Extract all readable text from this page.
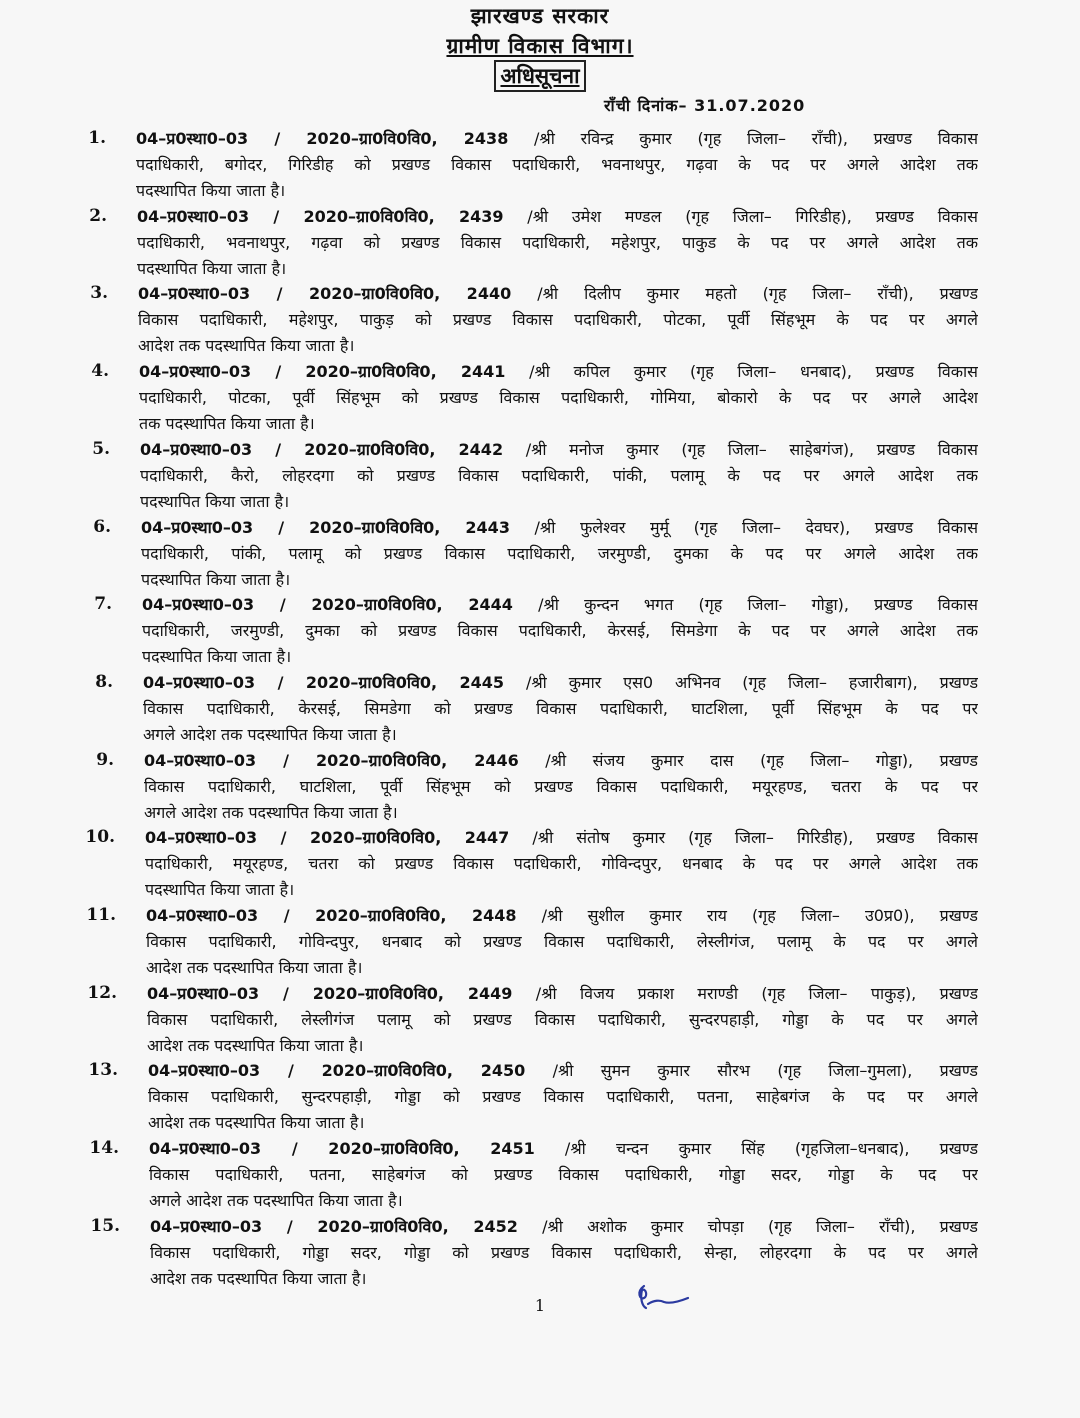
झारखण्ड सरकार
ग्रामीण विकास विभाग।
अधिसूचना
राँची दिनांक– 31.07.2020
1. 04–प्र0स्था0–03 / 2020–ग्रा0वि0वि0, 2438 /श्री रविन्द्र कुमार (गृह जिला– राँची), प्रखण्ड विकास
पदाधिकारी, बगोदर, गिरिडीह को प्रखण्ड विकास पदाधिकारी, भवनाथपुर, गढ़वा के पद पर अगले आदेश तक
पदस्थापित किया जाता है।
2. 04–प्र0स्था0–03 / 2020–ग्रा0वि0वि0, 2439 /श्री उमेश मण्डल (गृह जिला– गिरिडीह), प्रखण्ड विकास
पदाधिकारी, भवनाथपुर, गढ़वा को प्रखण्ड विकास पदाधिकारी, महेशपुर, पाकुड के पद पर अगले आदेश तक
पदस्थापित किया जाता है।
3. 04–प्र0स्था0–03 / 2020–ग्रा0वि0वि0, 2440 /श्री दिलीप कुमार महतो (गृह जिला– राँची), प्रखण्ड
विकास पदाधिकारी, महेशपुर, पाकुड़ को प्रखण्ड विकास पदाधिकारी, पोटका, पूर्वी सिंहभूम के पद पर अगले
आदेश तक पदस्थापित किया जाता है।
4. 04–प्र0स्था0–03 / 2020–ग्रा0वि0वि0, 2441 /श्री कपिल कुमार (गृह जिला– धनबाद), प्रखण्ड विकास
पदाधिकारी, पोटका, पूर्वी सिंहभूम को प्रखण्ड विकास पदाधिकारी, गोमिया, बोकारो के पद पर अगले आदेश
तक पदस्थापित किया जाता है।
5. 04–प्र0स्था0–03 / 2020–ग्रा0वि0वि0, 2442 /श्री मनोज कुमार (गृह जिला– साहेबगंज), प्रखण्ड विकास
पदाधिकारी, कैरो, लोहरदगा को प्रखण्ड विकास पदाधिकारी, पांकी, पलामू के पद पर अगले आदेश तक
पदस्थापित किया जाता है।
6. 04–प्र0स्था0–03 / 2020–ग्रा0वि0वि0, 2443 /श्री फुलेश्वर मुर्मू (गृह जिला– देवघर), प्रखण्ड विकास
पदाधिकारी, पांकी, पलामू को प्रखण्ड विकास पदाधिकारी, जरमुण्डी, दुमका के पद पर अगले आदेश तक
पदस्थापित किया जाता है।
7. 04–प्र0स्था0–03 / 2020–ग्रा0वि0वि0, 2444 /श्री कुन्दन भगत (गृह जिला– गोड्डा), प्रखण्ड विकास
पदाधिकारी, जरमुण्डी, दुमका को प्रखण्ड विकास पदाधिकारी, केरसई, सिमडेगा के पद पर अगले आदेश तक
पदस्थापित किया जाता है।
8. 04–प्र0स्था0–03 / 2020–ग्रा0वि0वि0, 2445 /श्री कुमार एस0 अभिनव (गृह जिला– हजारीबाग), प्रखण्ड
विकास पदाधिकारी, केरसई, सिमडेगा को प्रखण्ड विकास पदाधिकारी, घाटशिला, पूर्वी सिंहभूम के पद पर
अगले आदेश तक पदस्थापित किया जाता है।
9. 04–प्र0स्था0–03 / 2020–ग्रा0वि0वि0, 2446 /श्री संजय कुमार दास (गृह जिला– गोड्डा), प्रखण्ड
विकास पदाधिकारी, घाटशिला, पूर्वी सिंहभूम को प्रखण्ड विकास पदाधिकारी, मयूरहण्ड, चतरा के पद पर
अगले आदेश तक पदस्थापित किया जाता है।
10. 04–प्र0स्था0–03 / 2020–ग्रा0वि0वि0, 2447 /श्री संतोष कुमार (गृह जिला– गिरिडीह), प्रखण्ड विकास
पदाधिकारी, मयूरहण्ड, चतरा को प्रखण्ड विकास पदाधिकारी, गोविन्दपुर, धनबाद के पद पर अगले आदेश तक
पदस्थापित किया जाता है।
11. 04–प्र0स्था0–03 / 2020–ग्रा0वि0वि0, 2448 /श्री सुशील कुमार राय (गृह जिला– उ0प्र0), प्रखण्ड
विकास पदाधिकारी, गोविन्दपुर, धनबाद को प्रखण्ड विकास पदाधिकारी, लेस्लीगंज, पलामू के पद पर अगले
आदेश तक पदस्थापित किया जाता है।
12. 04–प्र0स्था0–03 / 2020–ग्रा0वि0वि0, 2449 /श्री विजय प्रकाश मराण्डी (गृह जिला– पाकुड़), प्रखण्ड
विकास पदाधिकारी, लेस्लीगंज पलामू को प्रखण्ड विकास पदाधिकारी, सुन्दरपहाड़ी, गोड्डा के पद पर अगले
आदेश तक पदस्थापित किया जाता है।
13. 04–प्र0स्था0–03 / 2020–ग्रा0वि0वि0, 2450 /श्री सुमन कुमार सौरभ (गृह जिला–गुमला), प्रखण्ड
विकास पदाधिकारी, सुन्दरपहाड़ी, गोड्डा को प्रखण्ड विकास पदाधिकारी, पतना, साहेबगंज के पद पर अगले
आदेश तक पदस्थापित किया जाता है।
14. 04–प्र0स्था0–03 / 2020–ग्रा0वि0वि0, 2451 /श्री चन्दन कुमार सिंह (गृहजिला–धनबाद), प्रखण्ड
विकास पदाधिकारी, पतना, साहेबगंज को प्रखण्ड विकास पदाधिकारी, गोड्डा सदर, गोड्डा के पद पर
अगले आदेश तक पदस्थापित किया जाता है।
15. 04–प्र0स्था0–03 / 2020–ग्रा0वि0वि0, 2452 /श्री अशोक कुमार चोपड़ा (गृह जिला– राँची), प्रखण्ड
विकास पदाधिकारी, गोड्डा सदर, गोड्डा को प्रखण्ड विकास पदाधिकारी, सेन्हा, लोहरदगा के पद पर अगले
आदेश तक पदस्थापित किया जाता है।
1
